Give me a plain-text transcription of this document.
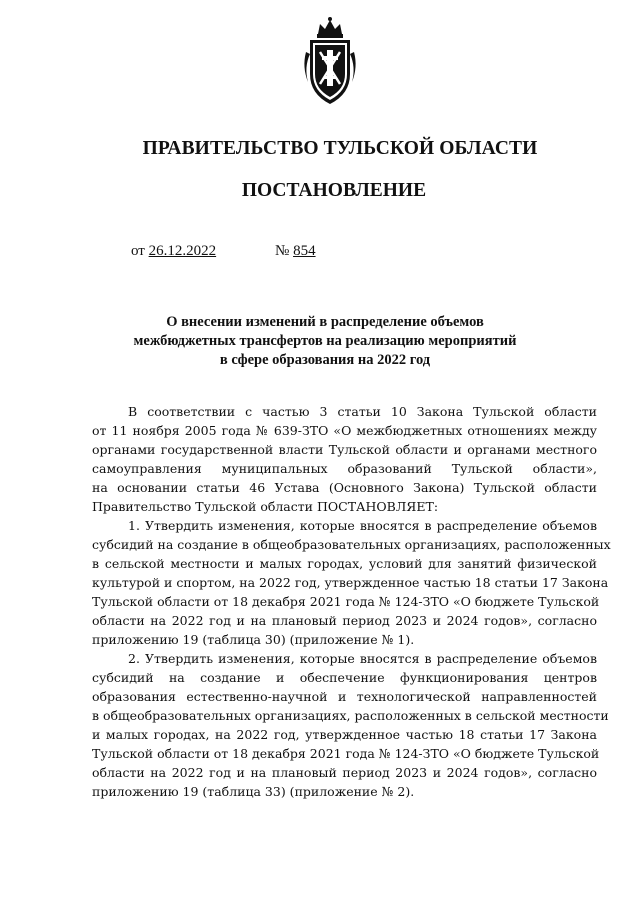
ПРАВИТЕЛЬСТВО ТУЛЬСКОЙ ОБЛАСТИ
ПОСТАНОВЛЕНИЕ
от 26.12.2022	№ 854
О внесении изменений в распределение объемов
межбюджетных трансфертов на реализацию мероприятий
в сфере образования на 2022 год
В соответствии с частью 3 статьи 10 Закона Тульской области
от 11 ноября 2005 года № 639-ЗТО «О межбюджетных отношениях между
органами государственной власти Тульской области и органами местного
самоуправления муниципальных образований Тульской области»,
на основании статьи 46 Устава (Основного Закона) Тульской области
Правительство Тульской области ПОСТАНОВЛЯЕТ:
1. Утвердить изменения, которые вносятся в распределение объемов
субсидий на создание в общеобразовательных организациях, расположенных
в сельской местности и малых городах, условий для занятий физической
культурой и спортом, на 2022 год, утвержденное частью 18 статьи 17 Закона
Тульской области от 18 декабря 2021 года № 124-ЗТО «О бюджете Тульской
области на 2022 год и на плановый период 2023 и 2024 годов», согласно
приложению 19 (таблица 30) (приложение № 1).
2. Утвердить изменения, которые вносятся в распределение объемов
субсидий на создание и обеспечение функционирования центров
образования естественно-научной и технологической направленностей
в общеобразовательных организациях, расположенных в сельской местности
и малых городах, на 2022 год, утвержденное частью 18 статьи 17 Закона
Тульской области от 18 декабря 2021 года № 124-ЗТО «О бюджете Тульской
области на 2022 год и на плановый период 2023 и 2024 годов», согласно
приложению 19 (таблица 33) (приложение № 2).
